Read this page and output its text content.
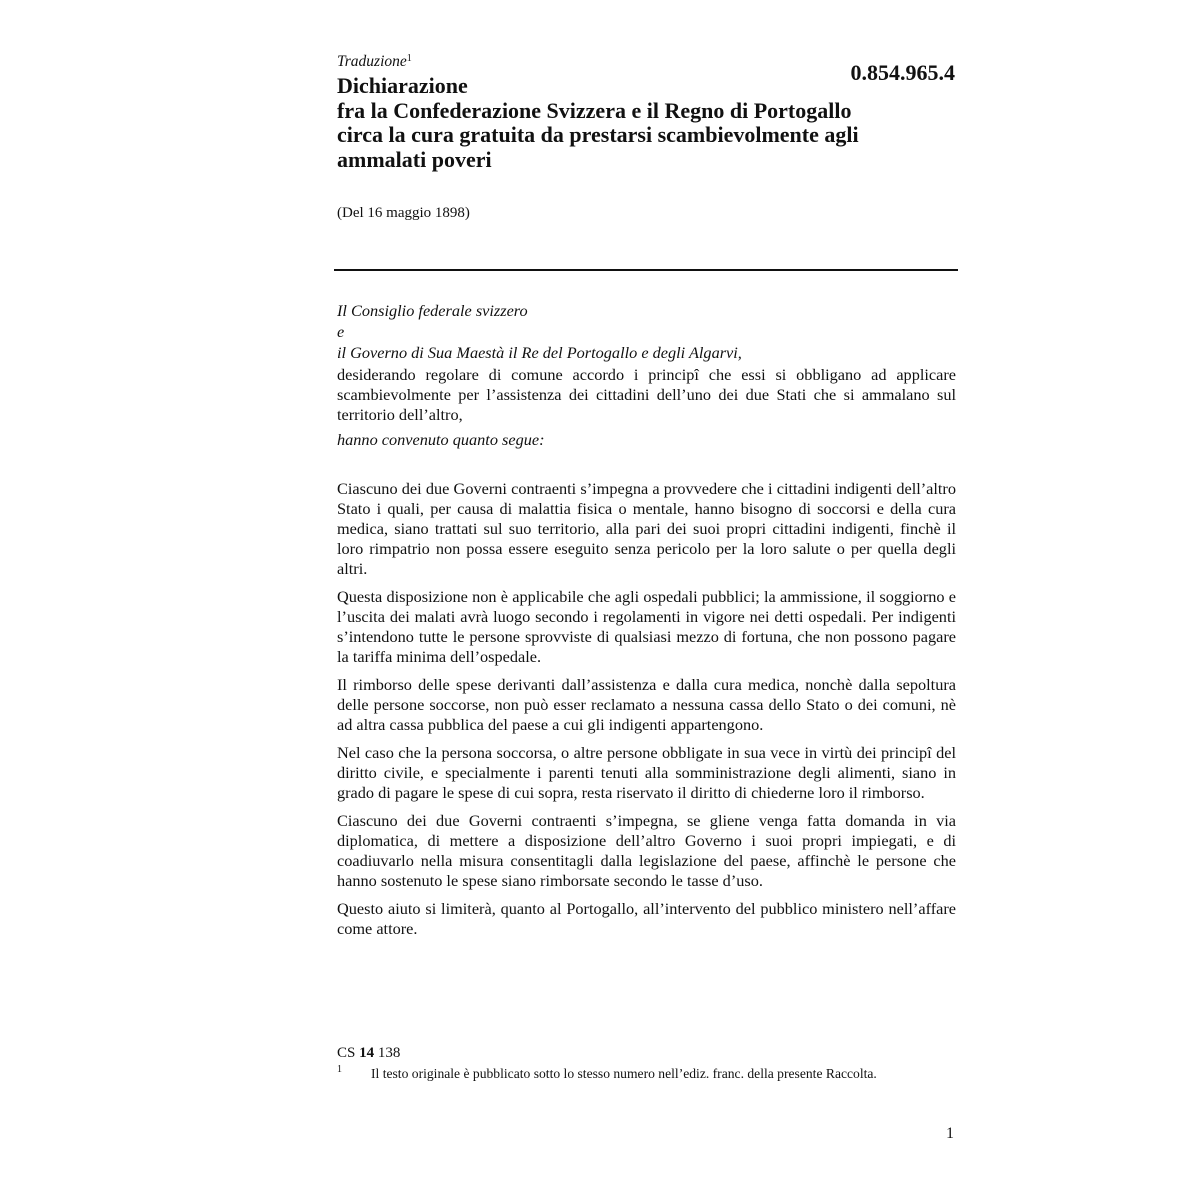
Traduzione$^1$
0.854.965.4
Dichiarazione
fra la Confederazione Svizzera e il Regno di Portogallo
circa la cura gratuita da prestarsi scambievolmente agli
ammalati poveri
(Del 16 maggio 1898)
Il Consiglio federale svizzero
e
il Governo di Sua Maestà il Re del Portogallo e degli Algarvi,

desiderando regolare di comune accordo i principî che essi si obbligano ad applicare scambievolmente per l’assistenza dei cittadini dell’uno dei due Stati che si ammalano sul territorio dell’altro,

hanno convenuto quanto segue:

Ciascuno dei due Governi contraenti s’impegna a provvedere che i cittadini indigenti dell’altro Stato i quali, per causa di malattia fisica o mentale, hanno bisogno di soccorsi e della cura medica, siano trattati sul suo territorio, alla pari dei suoi propri cittadini indigenti, finchè il loro rimpatrio non possa essere eseguito senza pericolo per la loro salute o per quella degli altri.

Questa disposizione non è applicabile che agli ospedali pubblici; la ammissione, il soggiorno e l’uscita dei malati avrà luogo secondo i regolamenti in vigore nei detti ospedali. Per indigenti s’intendono tutte le persone sprovviste di qualsiasi mezzo di fortuna, che non possono pagare la tariffa minima dell’ospedale.

Il rimborso delle spese derivanti dall’assistenza e dalla cura medica, nonchè dalla sepoltura delle persone soccorse, non può esser reclamato a nessuna cassa dello Stato o dei comuni, nè ad altra cassa pubblica del paese a cui gli indigenti appartengono.

Nel caso che la persona soccorsa, o altre persone obbligate in sua vece in virtù dei principî del diritto civile, e specialmente i parenti tenuti alla somministrazione degli alimenti, siano in grado di pagare le spese di cui sopra, resta riservato il diritto di chiederne loro il rimborso.

Ciascuno dei due Governi contraenti s’impegna, se gliene venga fatta domanda in via diplomatica, di mettere a disposizione dell’altro Governo i suoi propri impiegati, e di coadiuvarlo nella misura consentitagli dalla legislazione del paese, affinchè le persone che hanno sostenuto le spese siano rimborsate secondo le tasse d’uso.

Questo aiuto si limiterà, quanto al Portogallo, all’intervento del pubblico ministero nell’affare come attore.

CS 14 138
1 Il testo originale è pubblicato sotto lo stesso numero nell’ediz. franc. della presente Raccolta.
1
